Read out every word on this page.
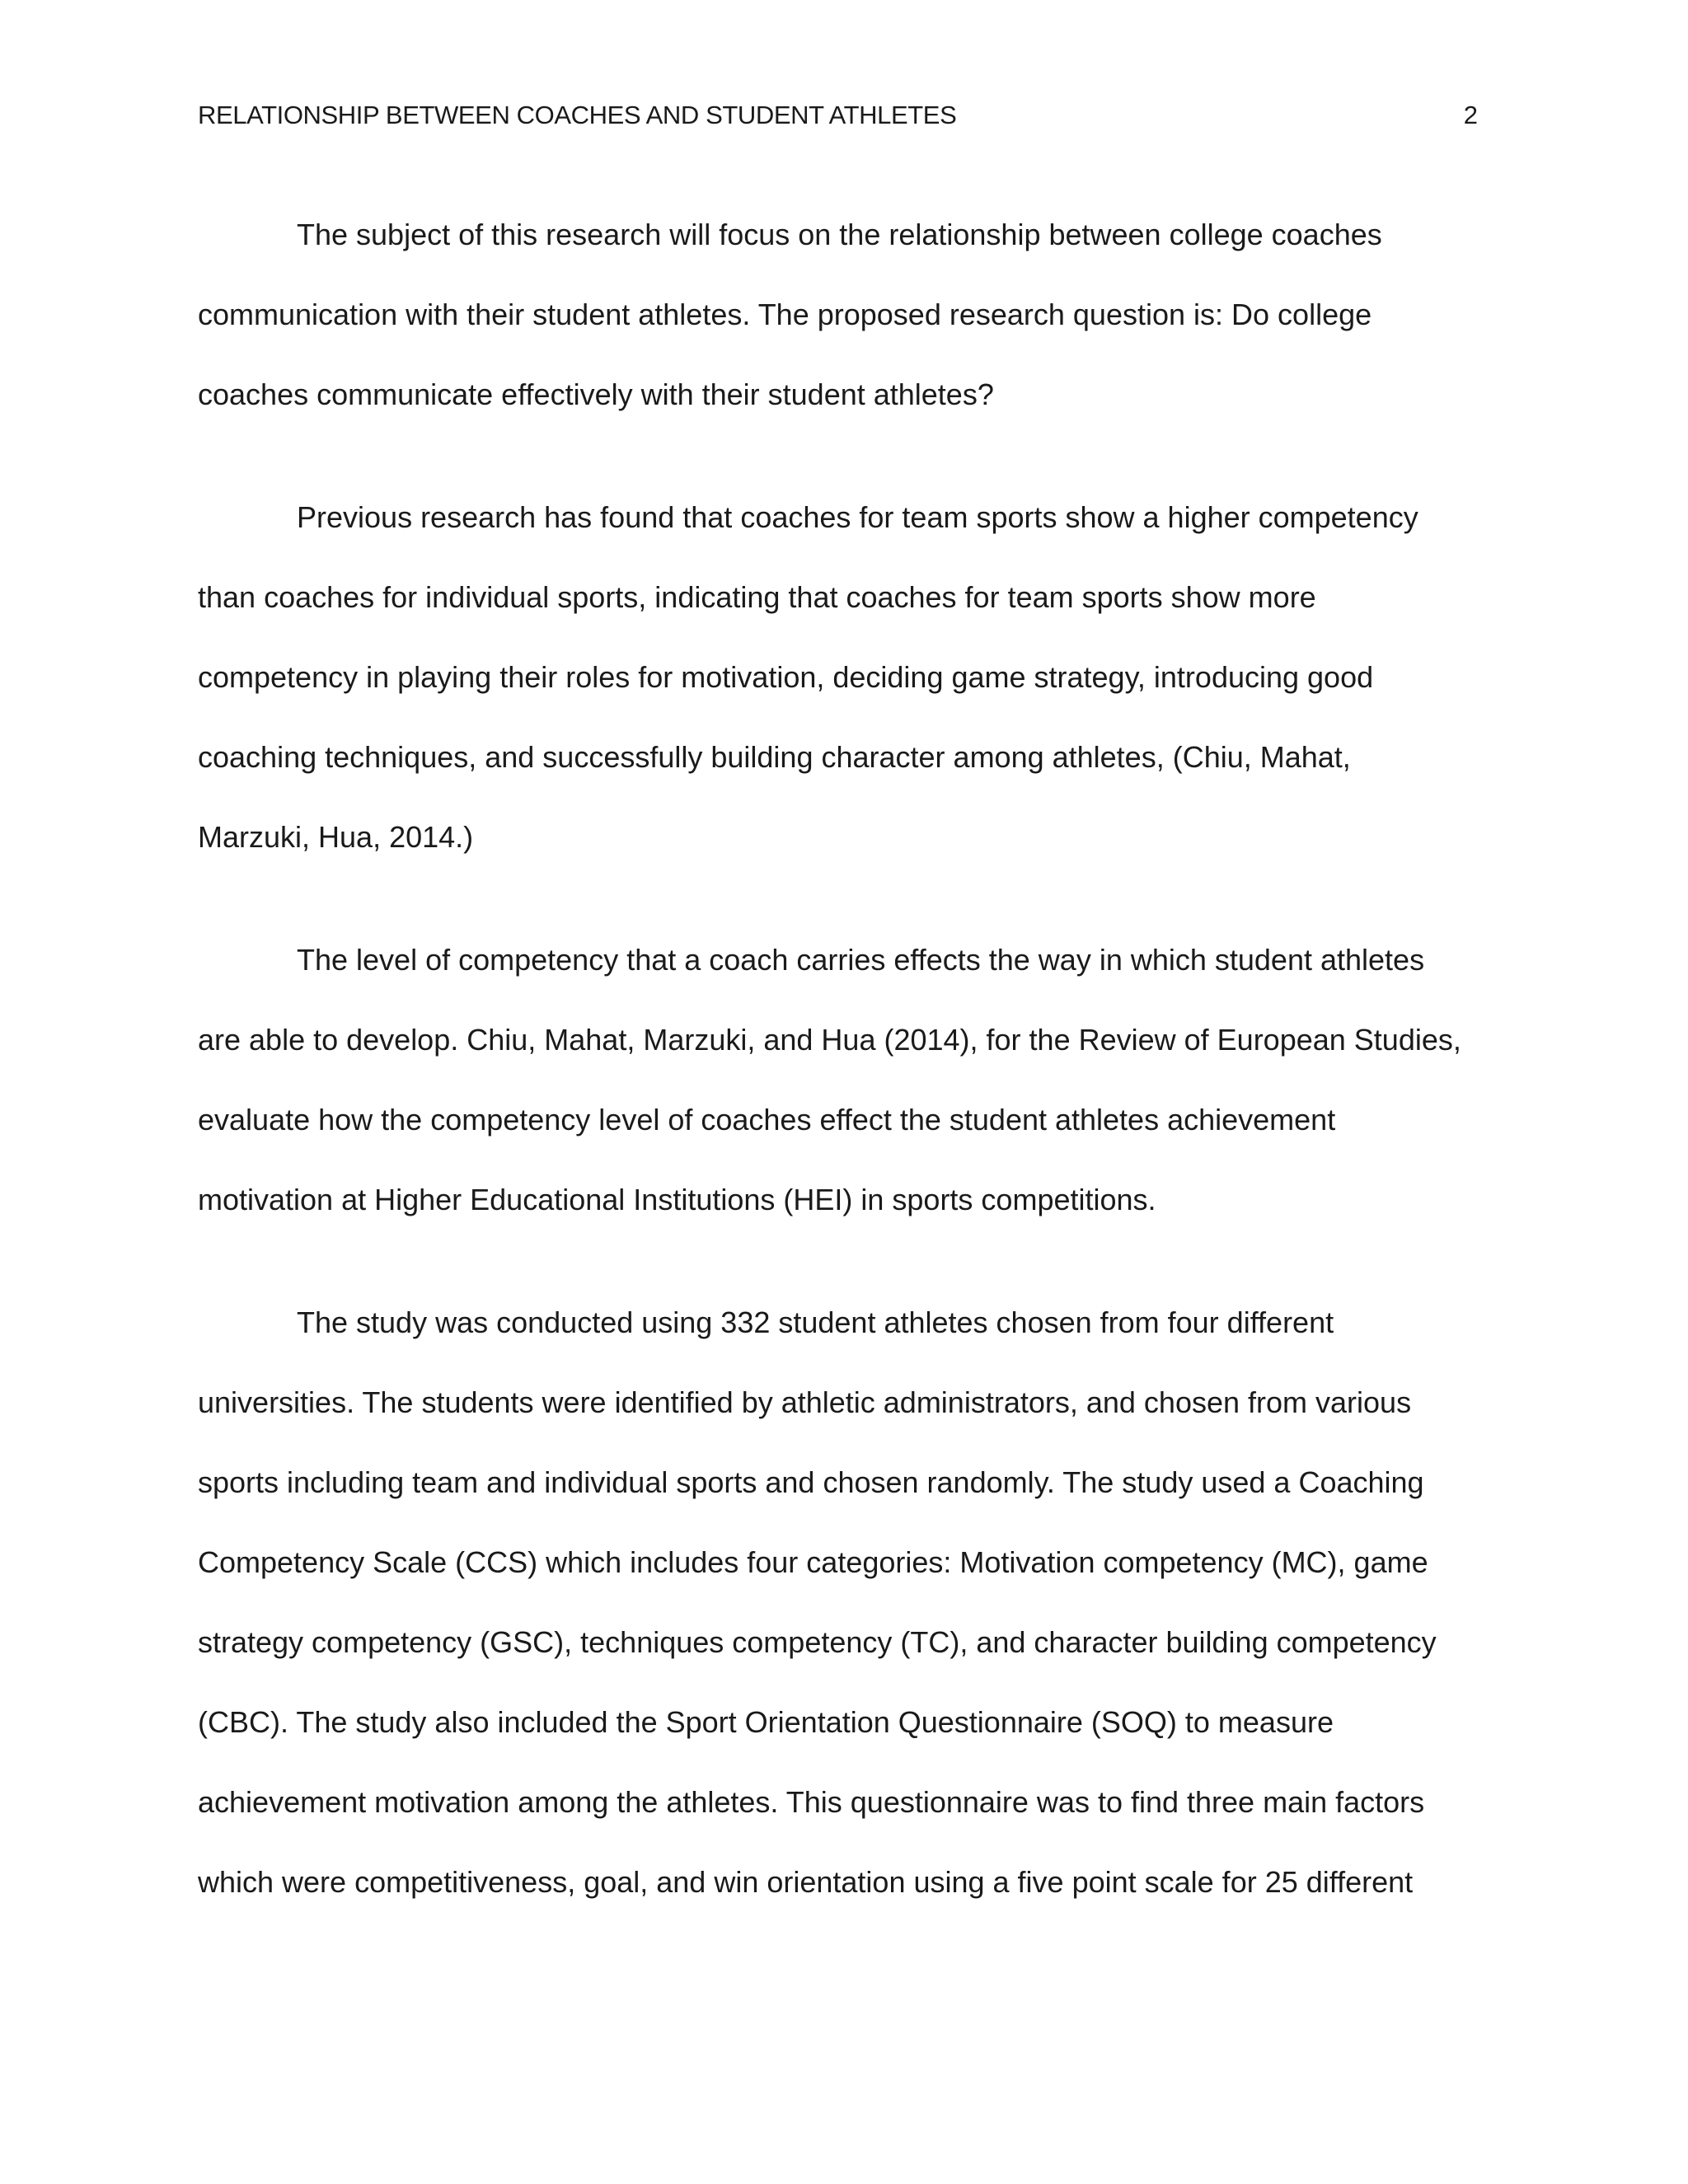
RELATIONSHIP BETWEEN COACHES AND STUDENT ATHLETES	2

The subject of this research will focus on the relationship between college coaches
communication with their student athletes. The proposed research question is: Do college
coaches communicate effectively with their student athletes?

Previous research has found that coaches for team sports show a higher competency
than coaches for individual sports, indicating that coaches for team sports show more
competency in playing their roles for motivation, deciding game strategy, introducing good
coaching techniques, and successfully building character among athletes, (Chiu, Mahat,
Marzuki, Hua, 2014.)

The level of competency that a coach carries effects the way in which student athletes
are able to develop. Chiu, Mahat, Marzuki, and Hua (2014), for the Review of European Studies,
evaluate how the competency level of coaches effect the student athletes achievement
motivation at Higher Educational Institutions (HEI) in sports competitions.

The study was conducted using 332 student athletes chosen from four different
universities. The students were identified by athletic administrators, and chosen from various
sports including team and individual sports and chosen randomly. The study used a Coaching
Competency Scale (CCS) which includes four categories: Motivation competency (MC), game
strategy competency (GSC), techniques competency (TC), and character building competency
(CBC). The study also included the Sport Orientation Questionnaire (SOQ) to measure
achievement motivation among the athletes. This questionnaire was to find three main factors
which were competitiveness, goal, and win orientation using a five point scale for 25 different
